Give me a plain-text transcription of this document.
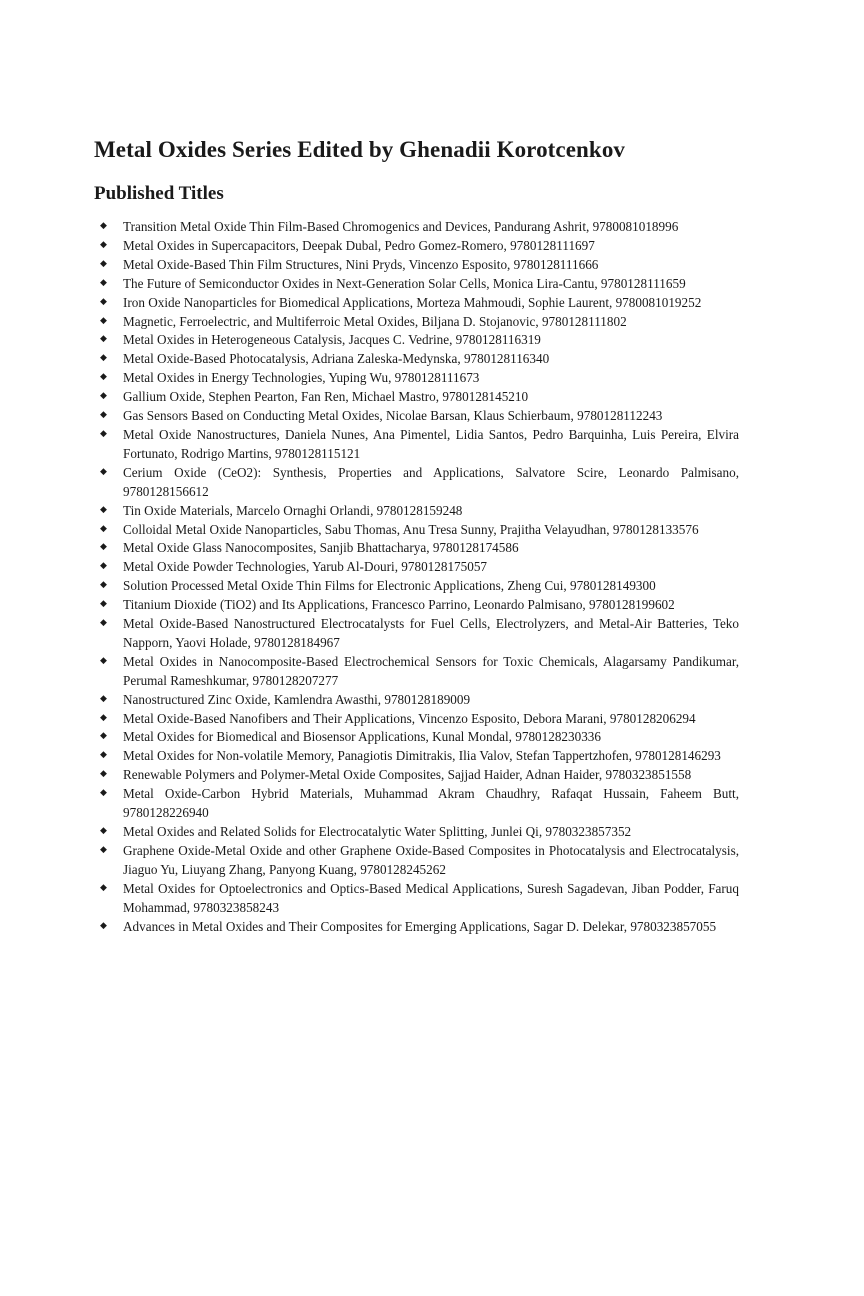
Metal Oxides Series Edited by Ghenadii Korotcenkov
Published Titles
◆ Transition Metal Oxide Thin Film-Based Chromogenics and Devices, Pandurang Ashrit, 9780081018996
◆ Metal Oxides in Supercapacitors, Deepak Dubal, Pedro Gomez-Romero, 9780128111697
◆ Metal Oxide-Based Thin Film Structures, Nini Pryds, Vincenzo Esposito, 9780128111666
◆ The Future of Semiconductor Oxides in Next-Generation Solar Cells, Monica Lira-Cantu, 9780128111659
◆ Iron Oxide Nanoparticles for Biomedical Applications, Morteza Mahmoudi, Sophie Laurent, 9780081019252
◆ Magnetic, Ferroelectric, and Multiferroic Metal Oxides, Biljana D. Stojanovic, 9780128111802
◆ Metal Oxides in Heterogeneous Catalysis, Jacques C. Vedrine, 9780128116319
◆ Metal Oxide-Based Photocatalysis, Adriana Zaleska-Medynska, 9780128116340
◆ Metal Oxides in Energy Technologies, Yuping Wu, 9780128111673
◆ Gallium Oxide, Stephen Pearton, Fan Ren, Michael Mastro, 9780128145210
◆ Gas Sensors Based on Conducting Metal Oxides, Nicolae Barsan, Klaus Schierbaum, 9780128112243
◆ Metal Oxide Nanostructures, Daniela Nunes, Ana Pimentel, Lidia Santos, Pedro Barquinha, Luis Pereira, Elvira Fortunato, Rodrigo Martins, 9780128115121
◆ Cerium Oxide (CeO2): Synthesis, Properties and Applications, Salvatore Scire, Leonardo Palmisano, 9780128156612
◆ Tin Oxide Materials, Marcelo Ornaghi Orlandi, 9780128159248
◆ Colloidal Metal Oxide Nanoparticles, Sabu Thomas, Anu Tresa Sunny, Prajitha Velayudhan, 9780128133576
◆ Metal Oxide Glass Nanocomposites, Sanjib Bhattacharya, 9780128174586
◆ Metal Oxide Powder Technologies, Yarub Al-Douri, 9780128175057
◆ Solution Processed Metal Oxide Thin Films for Electronic Applications, Zheng Cui, 9780128149300
◆ Titanium Dioxide (TiO2) and Its Applications, Francesco Parrino, Leonardo Palmisano, 9780128199602
◆ Metal Oxide-Based Nanostructured Electrocatalysts for Fuel Cells, Electrolyzers, and Metal-Air Batteries, Teko Napporn, Yaovi Holade, 9780128184967
◆ Metal Oxides in Nanocomposite-Based Electrochemical Sensors for Toxic Chemicals, Alagarsamy Pandikumar, Perumal Rameshkumar, 9780128207277
◆ Nanostructured Zinc Oxide, Kamlendra Awasthi, 9780128189009
◆ Metal Oxide-Based Nanofibers and Their Applications, Vincenzo Esposito, Debora Marani, 9780128206294
◆ Metal Oxides for Biomedical and Biosensor Applications, Kunal Mondal, 9780128230336
◆ Metal Oxides for Non-volatile Memory, Panagiotis Dimitrakis, Ilia Valov, Stefan Tappertzhofen, 9780128146293
◆ Renewable Polymers and Polymer-Metal Oxide Composites, Sajjad Haider, Adnan Haider, 9780323851558
◆ Metal Oxide-Carbon Hybrid Materials, Muhammad Akram Chaudhry, Rafaqat Hussain, Faheem Butt, 9780128226940
◆ Metal Oxides and Related Solids for Electrocatalytic Water Splitting, Junlei Qi, 9780323857352
◆ Graphene Oxide-Metal Oxide and other Graphene Oxide-Based Composites in Photocatalysis and Electrocatalysis, Jiaguo Yu, Liuyang Zhang, Panyong Kuang, 9780128245262
◆ Metal Oxides for Optoelectronics and Optics-Based Medical Applications, Suresh Sagadevan, Jiban Podder, Faruq Mohammad, 9780323858243
◆ Advances in Metal Oxides and Their Composites for Emerging Applications, Sagar D. Delekar, 9780323857055
